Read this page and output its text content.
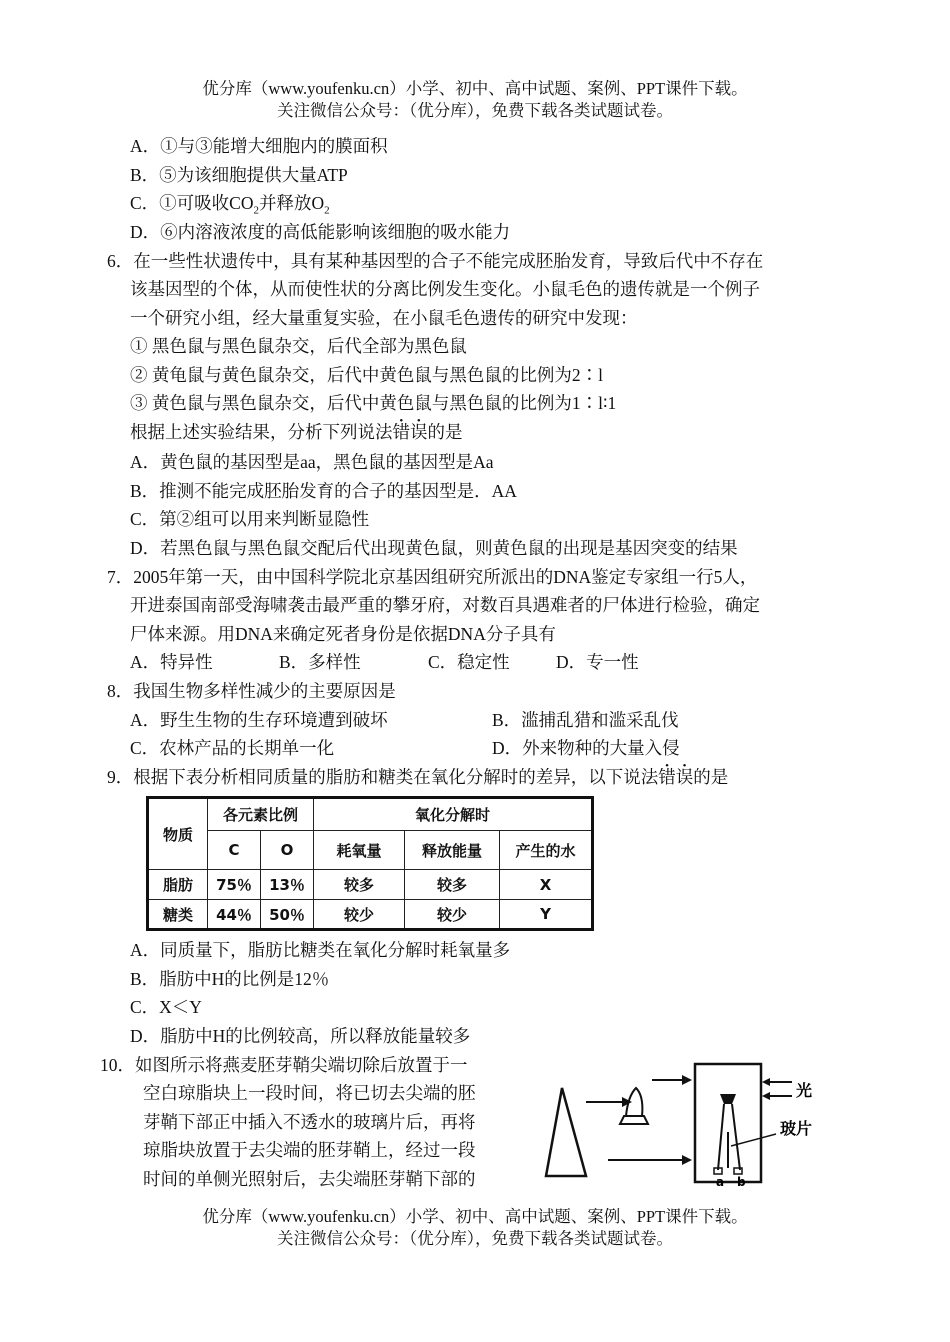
优分库（www.youfenku.cn）小学、初中、高中试题、案例、PPT课件下载。
关注微信公众号：（优分库），免费下载各类试题试卷。
A．①与③能增大细胞内的膜面积
B．⑤为该细胞提供大量ATP
C．①可吸收$CO_2$并释放$O_2$
D．⑥内溶液浓度的高低能影响该细胞的吸水能力
6．在一些性状遗传中，具有某种基因型的合子不能完成胚胎发育，导致后代中不存在
该基因型的个体，从而使性状的分离比例发生变化。小鼠毛色的遗传就是一个例子
一个研究小组，经大量重复实验，在小鼠毛色遗传的研究中发现：
① 黑色鼠与黑色鼠杂交，后代全部为黑色鼠
② 黄龟鼠与黄色鼠杂交，后代中黄色鼠与黑色鼠的比例为2∶l
③ 黄色鼠与黑色鼠杂交，后代中黄色鼠与黑色鼠的比例为1∶l∶1
根据上述实验结果，分析下列说法错误的是
A．黄色鼠的基因型是aa，黑色鼠的基因型是Aa
B．推测不能完成胚胎发育的合子的基因型是．AA
C．第②组可以用来判断显隐性
D．若黑色鼠与黑色鼠交配后代出现黄色鼠，则黄色鼠的出现是基因突变的结果
7．2005年第一天，由中国科学院北京基因组研究所派出的DNA鉴定专家组一行5人，
开进泰国南部受海啸袭击最严重的攀牙府，对数百具遇难者的尸体进行检验，确定
尸体来源。用DNA来确定死者身份是依据DNA分子具有
A．特异性	B．多样性	C．稳定性	D．专一性
8．我国生物多样性减少的主要原因是
A．野生生物的生存环境遭到破坏	B．滥捕乱猎和滥采乱伐
C．农林产品的长期单一化	D．外来物种的大量入侵
9．根据下表分析相同质量的脂肪和糖类在氧化分解时的差异，以下说法错误的是
物质	各元素比例		氧化分解时		
	C	O	耗氧量	释放能量	产生的水
脂肪	75％	13％	较多	较多	X
糖类	44％	50％	较少	较少	Y
A．同质量下，脂肪比糖类在氧化分解时耗氧量多
B．脂肪中H的比例是12％
C．X＜Y
D．脂肪中H的比例较高，所以释放能量较多
10．如图所示将燕麦胚芽鞘尖端切除后放置于一
空白琼脂块上一段时间，将已切去尖端的胚
芽鞘下部正中插入不透水的玻璃片后，再将
琼脂块放置于去尖端的胚芽鞘上，经过一段
时间的单侧光照射后，去尖端胚芽鞘下部的	a b
光
玻片
优分库（www.youfenku.cn）小学、初中、高中试题、案例、PPT课件下载。
关注微信公众号：（优分库），免费下载各类试题试卷。
